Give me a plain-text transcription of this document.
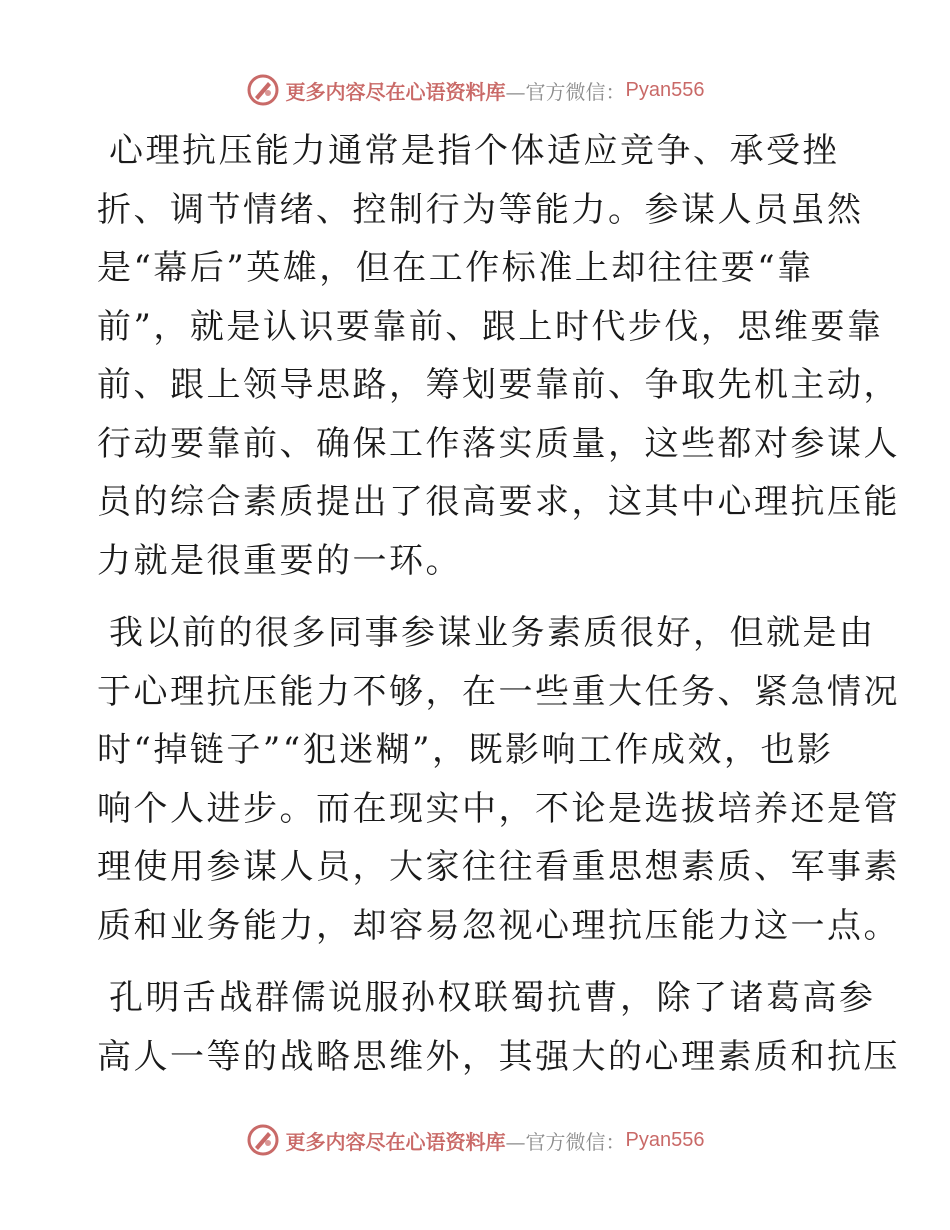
更多内容尽在心语资料库 —官方微信： Pyan556

心理抗压能力通常是指个体适应竞争、承受挫
折、调节情绪、控制行为等能力。参谋人员虽然
是“幕后”英雄，但在工作标准上却往往要“靠
前”，就是认识要靠前、跟上时代步伐，思维要靠
前、跟上领导思路，筹划要靠前、争取先机主动，
行动要靠前、确保工作落实质量，这些都对参谋人
员的综合素质提出了很高要求，这其中心理抗压能
力就是很重要的一环。

我以前的很多同事参谋业务素质很好，但就是由
于心理抗压能力不够，在一些重大任务、紧急情况
时“掉链子”“犯迷糊”，既影响工作成效，也影
响个人进步。而在现实中，不论是选拔培养还是管
理使用参谋人员，大家往往看重思想素质、军事素
质和业务能力，却容易忽视心理抗压能力这一点。

孔明舌战群儒说服孙权联蜀抗曹，除了诸葛高参
高人一等的战略思维外，其强大的心理素质和抗压

更多内容尽在心语资料库 —官方微信： Pyan556
